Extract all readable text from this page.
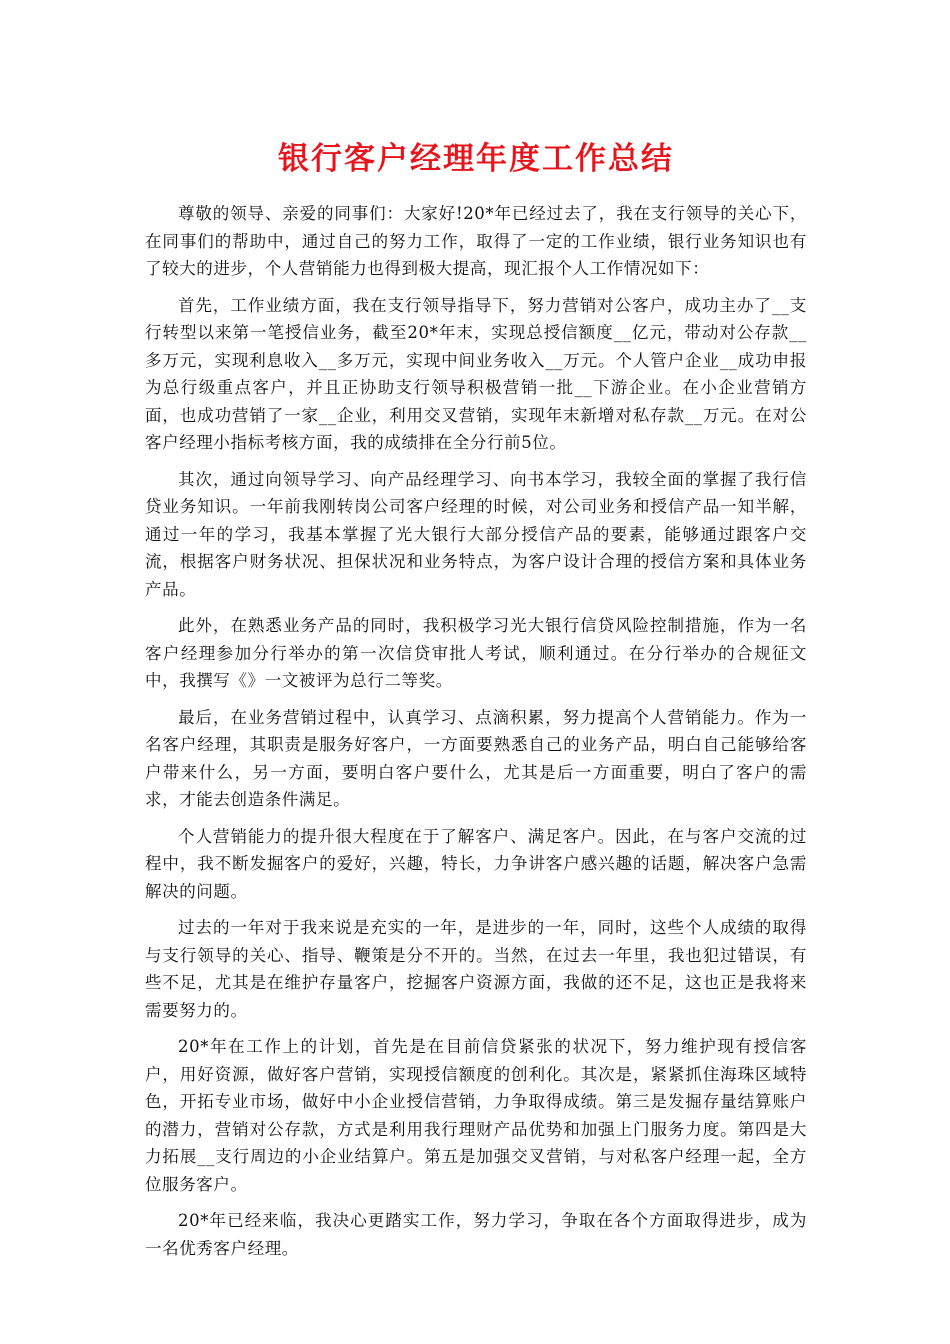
银行客户经理年度工作总结

尊敬的领导、亲爱的同事们：大家好!20*年已经过去了，我在支行领导的关心下，在同事们的帮助中，通过自己的努力工作，取得了一定的工作业绩，银行业务知识也有了较大的进步，个人营销能力也得到极大提高，现汇报个人工作情况如下：

首先，工作业绩方面，我在支行领导指导下，努力营销对公客户，成功主办了__支行转型以来第一笔授信业务，截至20*年末，实现总授信额度__亿元，带动对公存款__多万元，实现利息收入__多万元，实现中间业务收入__万元。个人管户企业__成功申报为总行级重点客户，并且正协助支行领导积极营销一批__下游企业。在小企业营销方面，也成功营销了一家__企业，利用交叉营销，实现年末新增对私存款__万元。在对公客户经理小指标考核方面，我的成绩排在全分行前5位。

其次，通过向领导学习、向产品经理学习、向书本学习，我较全面的掌握了我行信贷业务知识。一年前我刚转岗公司客户经理的时候，对公司业务和授信产品一知半解，通过一年的学习，我基本掌握了光大银行大部分授信产品的要素，能够通过跟客户交流，根据客户财务状况、担保状况和业务特点，为客户设计合理的授信方案和具体业务产品。

此外，在熟悉业务产品的同时，我积极学习光大银行信贷风险控制措施，作为一名客户经理参加分行举办的第一次信贷审批人考试，顺利通过。在分行举办的合规征文中，我撰写《》一文被评为总行二等奖。

最后，在业务营销过程中，认真学习、点滴积累，努力提高个人营销能力。作为一名客户经理，其职责是服务好客户，一方面要熟悉自己的业务产品，明白自己能够给客户带来什么，另一方面，要明白客户要什么，尤其是后一方面重要，明白了客户的需求，才能去创造条件满足。

个人营销能力的提升很大程度在于了解客户、满足客户。因此，在与客户交流的过程中，我不断发掘客户的爱好，兴趣，特长，力争讲客户感兴趣的话题，解决客户急需解决的问题。

过去的一年对于我来说是充实的一年，是进步的一年，同时，这些个人成绩的取得与支行领导的关心、指导、鞭策是分不开的。当然，在过去一年里，我也犯过错误，有些不足，尤其是在维护存量客户，挖掘客户资源方面，我做的还不足，这也正是我将来需要努力的。

20*年在工作上的计划，首先是在目前信贷紧张的状况下，努力维护现有授信客户，用好资源，做好客户营销，实现授信额度的创利化。其次是，紧紧抓住海珠区域特色，开拓专业市场，做好中小企业授信营销，力争取得成绩。第三是发掘存量结算账户的潜力，营销对公存款，方式是利用我行理财产品优势和加强上门服务力度。第四是大力拓展__支行周边的小企业结算户。第五是加强交叉营销，与对私客户经理一起，全方位服务客户。

20*年已经来临，我决心更踏实工作，努力学习，争取在各个方面取得进步，成为一名优秀客户经理。
